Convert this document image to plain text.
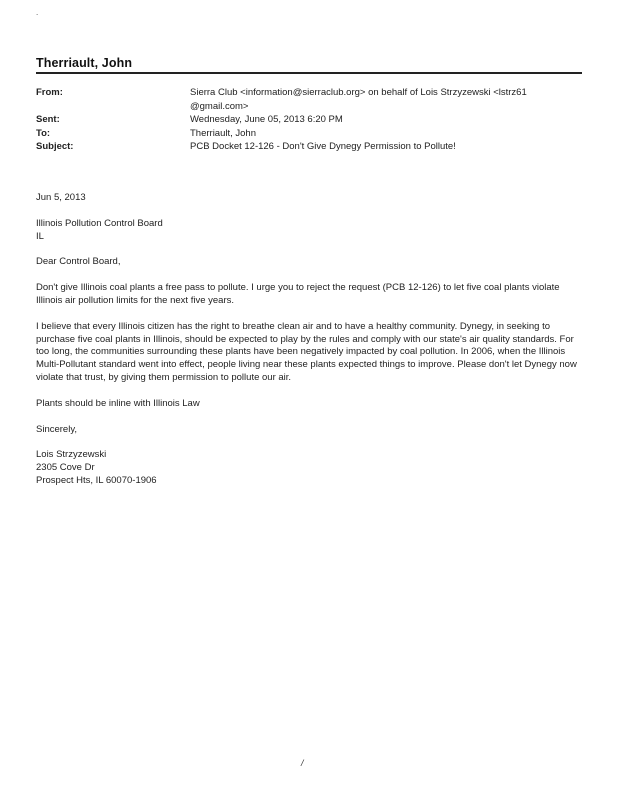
.
Therriault, John
From:	Sierra Club <information@sierraclub.org> on behalf of Lois Strzyzewski <lstrz61
@gmail.com>
Sent:	Wednesday, June 05, 2013 6:20 PM
To:	Therriault, John
Subject:	PCB Docket 12-126 - Don't Give Dynegy Permission to Pollute!

Jun 5, 2013

Illinois Pollution Control Board
IL

Dear Control Board,

Don't give Illinois coal plants a free pass to pollute. I urge you to reject the request (PCB 12-126) to let five coal plants violate Illinois air pollution limits for the next five years.

I believe that every Illinois citizen has the right to breathe clean air and to have a healthy community. Dynegy, in seeking to purchase five coal plants in Illinois, should be expected to play by the rules and comply with our state's air quality standards. For too long, the communities surrounding these plants have been negatively impacted by coal pollution. In 2006, when the Illinois Multi-Pollutant standard went into effect, people living near these plants expected things to improve. Please don't let Dynegy now violate that trust, by giving them permission to pollute our air.

Plants should be inline with Illinois Law

Sincerely,

Lois Strzyzewski
2305 Cove Dr
Prospect Hts, IL 60070-1906

/
